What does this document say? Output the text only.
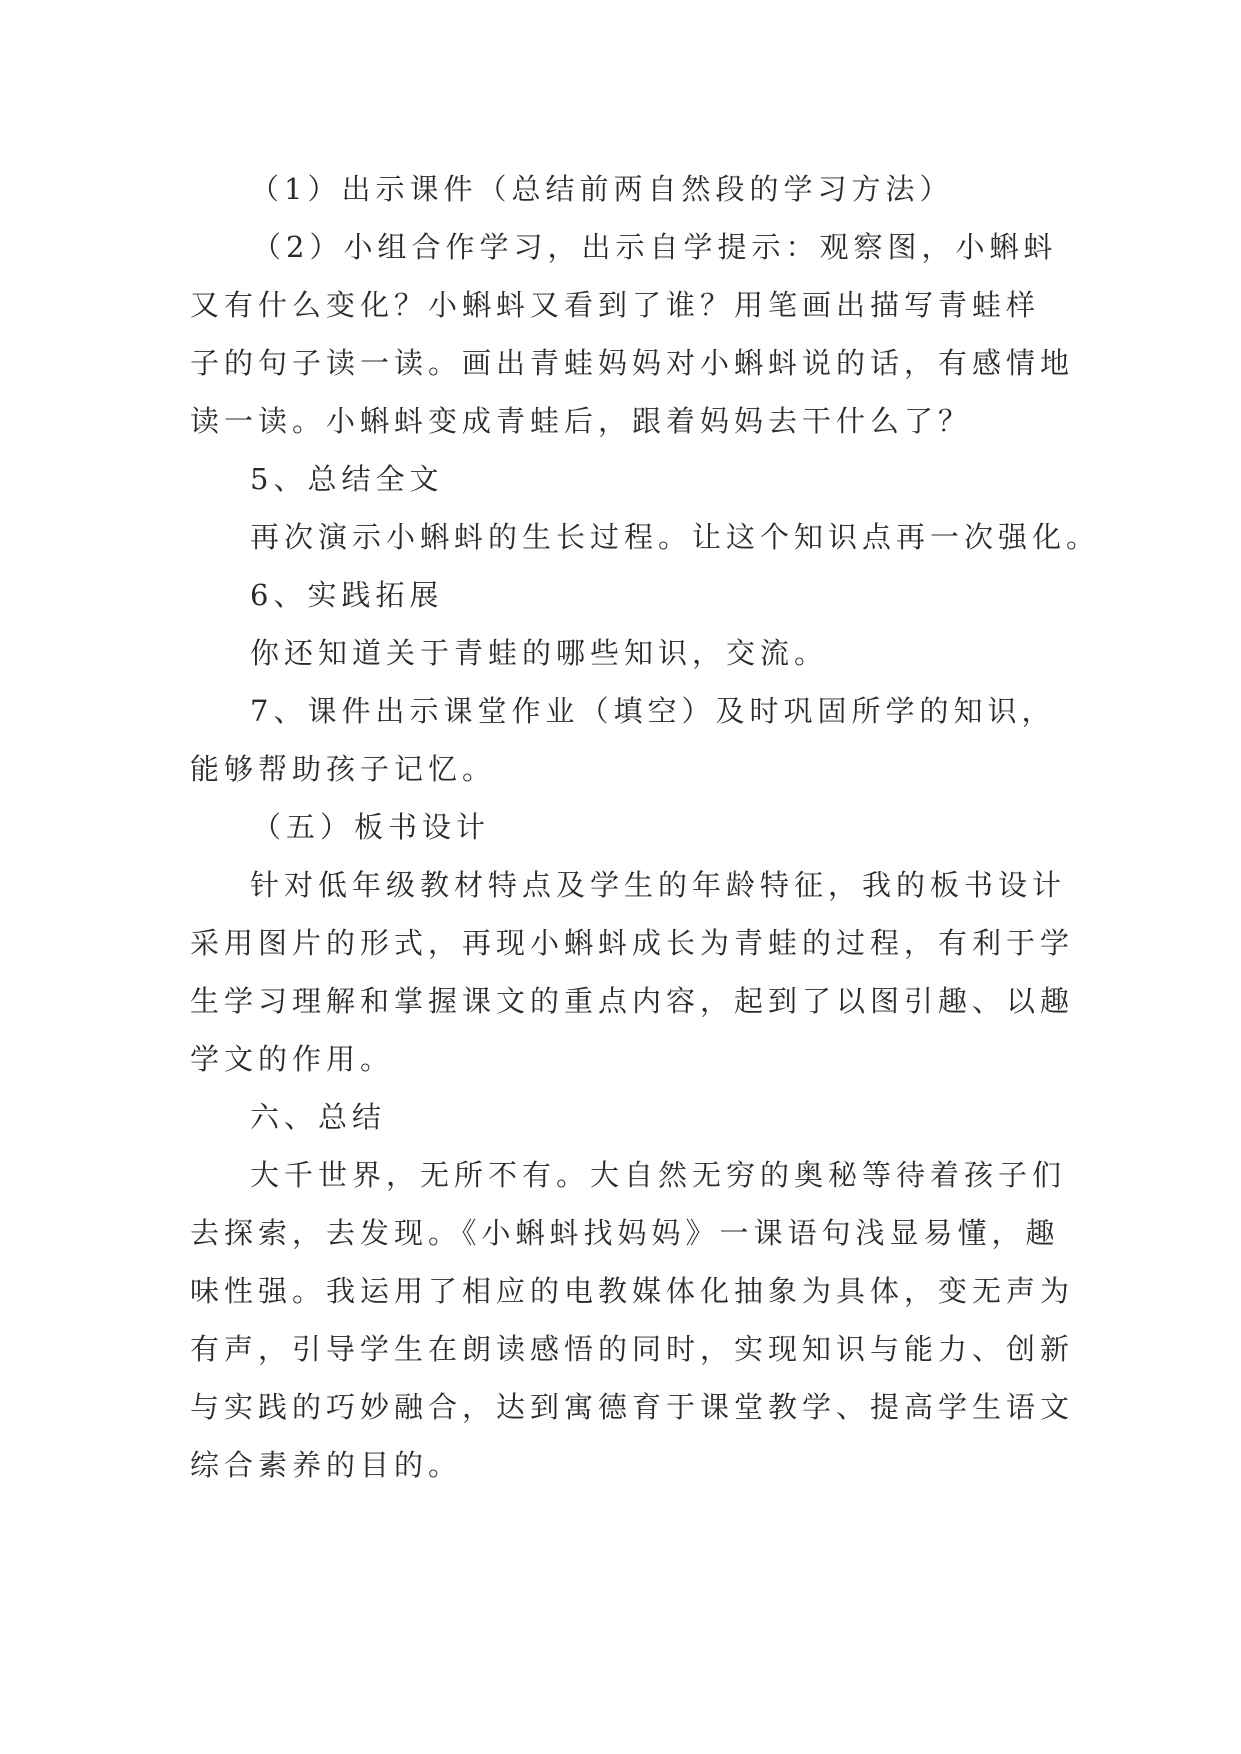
（1）出示课件（总结前两自然段的学习方法）

（2）小组合作学习，出示自学提示：观察图，小蝌蚪

又有什么变化？小蝌蚪又看到了谁？用笔画出描写青蛙样

子的句子读一读。画出青蛙妈妈对小蝌蚪说的话，有感情地

读一读。小蝌蚪变成青蛙后，跟着妈妈去干什么了？

5、总结全文

再次演示小蝌蚪的生长过程。让这个知识点再一次强化。

6、实践拓展

你还知道关于青蛙的哪些知识，交流。

7、课件出示课堂作业（填空）及时巩固所学的知识，

能够帮助孩子记忆。

（五）板书设计

针对低年级教材特点及学生的年龄特征，我的板书设计

采用图片的形式，再现小蝌蚪成长为青蛙的过程，有利于学

生学习理解和掌握课文的重点内容，起到了以图引趣、以趣

学文的作用。

六、总结

大千世界，无所不有。大自然无穷的奥秘等待着孩子们

去探索，去发现。《小蝌蚪找妈妈》一课语句浅显易懂，趣

味性强。我运用了相应的电教媒体化抽象为具体，变无声为

有声，引导学生在朗读感悟的同时，实现知识与能力、创新

与实践的巧妙融合，达到寓德育于课堂教学、提高学生语文

综合素养的目的。
